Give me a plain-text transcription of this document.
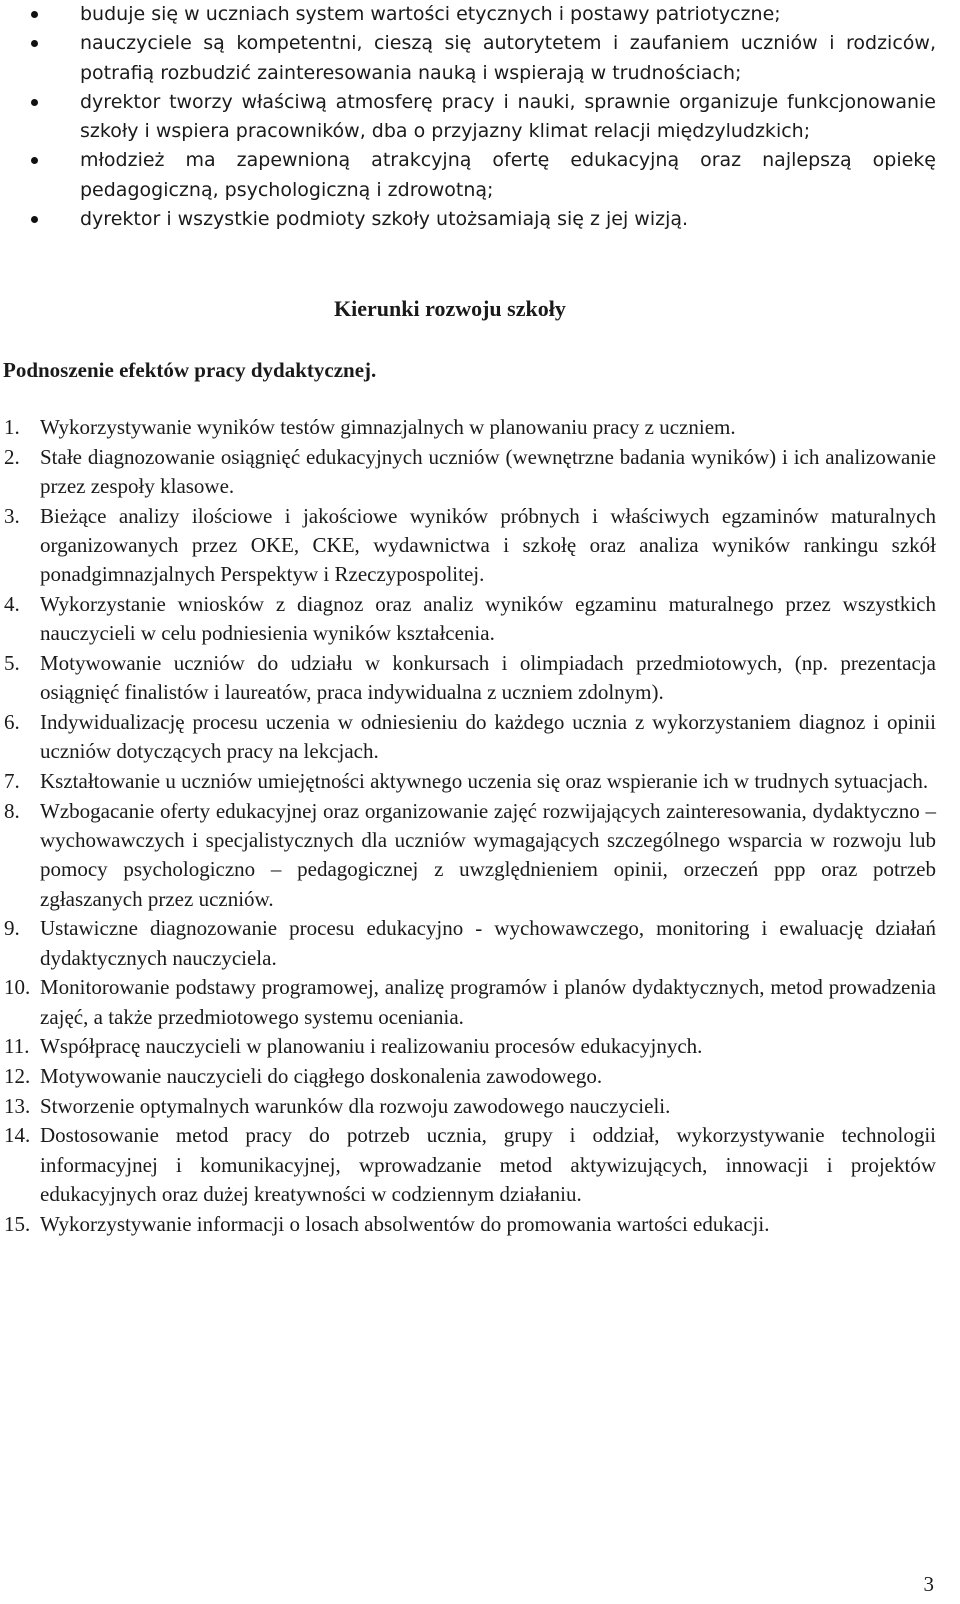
buduje się w uczniach system wartości etycznych i postawy patriotyczne;
nauczyciele są kompetentni, cieszą się autorytetem i zaufaniem uczniów i rodziców, potrafią rozbudzić zainteresowania nauką i wspierają w trudnościach;
dyrektor tworzy właściwą atmosferę pracy i nauki, sprawnie organizuje funkcjonowanie szkoły i wspiera pracowników, dba o przyjazny klimat relacji międzyludzkich;
młodzież ma zapewnioną atrakcyjną ofertę edukacyjną oraz najlepszą opiekę pedagogiczną, psychologiczną i zdrowotną;
dyrektor i wszystkie podmioty szkoły utożsamiają się z jej wizją.
Kierunki rozwoju szkoły
Podnoszenie efektów pracy dydaktycznej.
1. Wykorzystywanie wyników testów gimnazjalnych w planowaniu pracy z uczniem.
2. Stałe diagnozowanie osiągnięć edukacyjnych uczniów (wewnętrzne badania wyników) i ich analizowanie przez zespoły klasowe.
3. Bieżące analizy ilościowe i jakościowe wyników próbnych i właściwych egzaminów maturalnych organizowanych przez OKE, CKE, wydawnictwa i szkołę oraz analiza wyników rankingu szkół ponadgimnazjalnych Perspektyw i Rzeczypospolitej.
4. Wykorzystanie wniosków z diagnoz oraz analiz wyników egzaminu maturalnego przez wszystkich nauczycieli w celu podniesienia wyników kształcenia.
5. Motywowanie uczniów do udziału w konkursach i olimpiadach przedmiotowych, (np. prezentacja osiągnięć finalistów i laureatów, praca indywidualna z uczniem zdolnym).
6. Indywidualizację procesu uczenia w odniesieniu do każdego ucznia z wykorzystaniem diagnoz i opinii uczniów dotyczących pracy na lekcjach.
7. Kształtowanie u uczniów umiejętności aktywnego uczenia się oraz wspieranie ich w trudnych sytuacjach.
8. Wzbogacanie oferty edukacyjnej oraz organizowanie zajęć rozwijających zainteresowania, dydaktyczno – wychowawczych i specjalistycznych dla uczniów wymagających szczególnego wsparcia w rozwoju lub pomocy psychologiczno – pedagogicznej z uwzględnieniem opinii, orzeczeń ppp oraz potrzeb zgłaszanych przez uczniów.
9. Ustawiczne diagnozowanie procesu edukacyjno - wychowawczego, monitoring i ewaluację działań dydaktycznych nauczyciela.
10. Monitorowanie podstawy programowej, analizę programów i planów dydaktycznych, metod prowadzenia zajęć, a także przedmiotowego systemu oceniania.
11. Współpracę nauczycieli w planowaniu i realizowaniu procesów edukacyjnych.
12. Motywowanie nauczycieli do ciągłego doskonalenia zawodowego.
13. Stworzenie optymalnych warunków dla rozwoju zawodowego nauczycieli.
14. Dostosowanie metod pracy do potrzeb ucznia, grupy i oddział, wykorzystywanie technologii informacyjnej i komunikacyjnej, wprowadzanie metod aktywizujących, innowacji i projektów edukacyjnych oraz dużej kreatywności w codziennym działaniu.
15. Wykorzystywanie informacji o losach absolwentów do promowania wartości edukacji.
3
